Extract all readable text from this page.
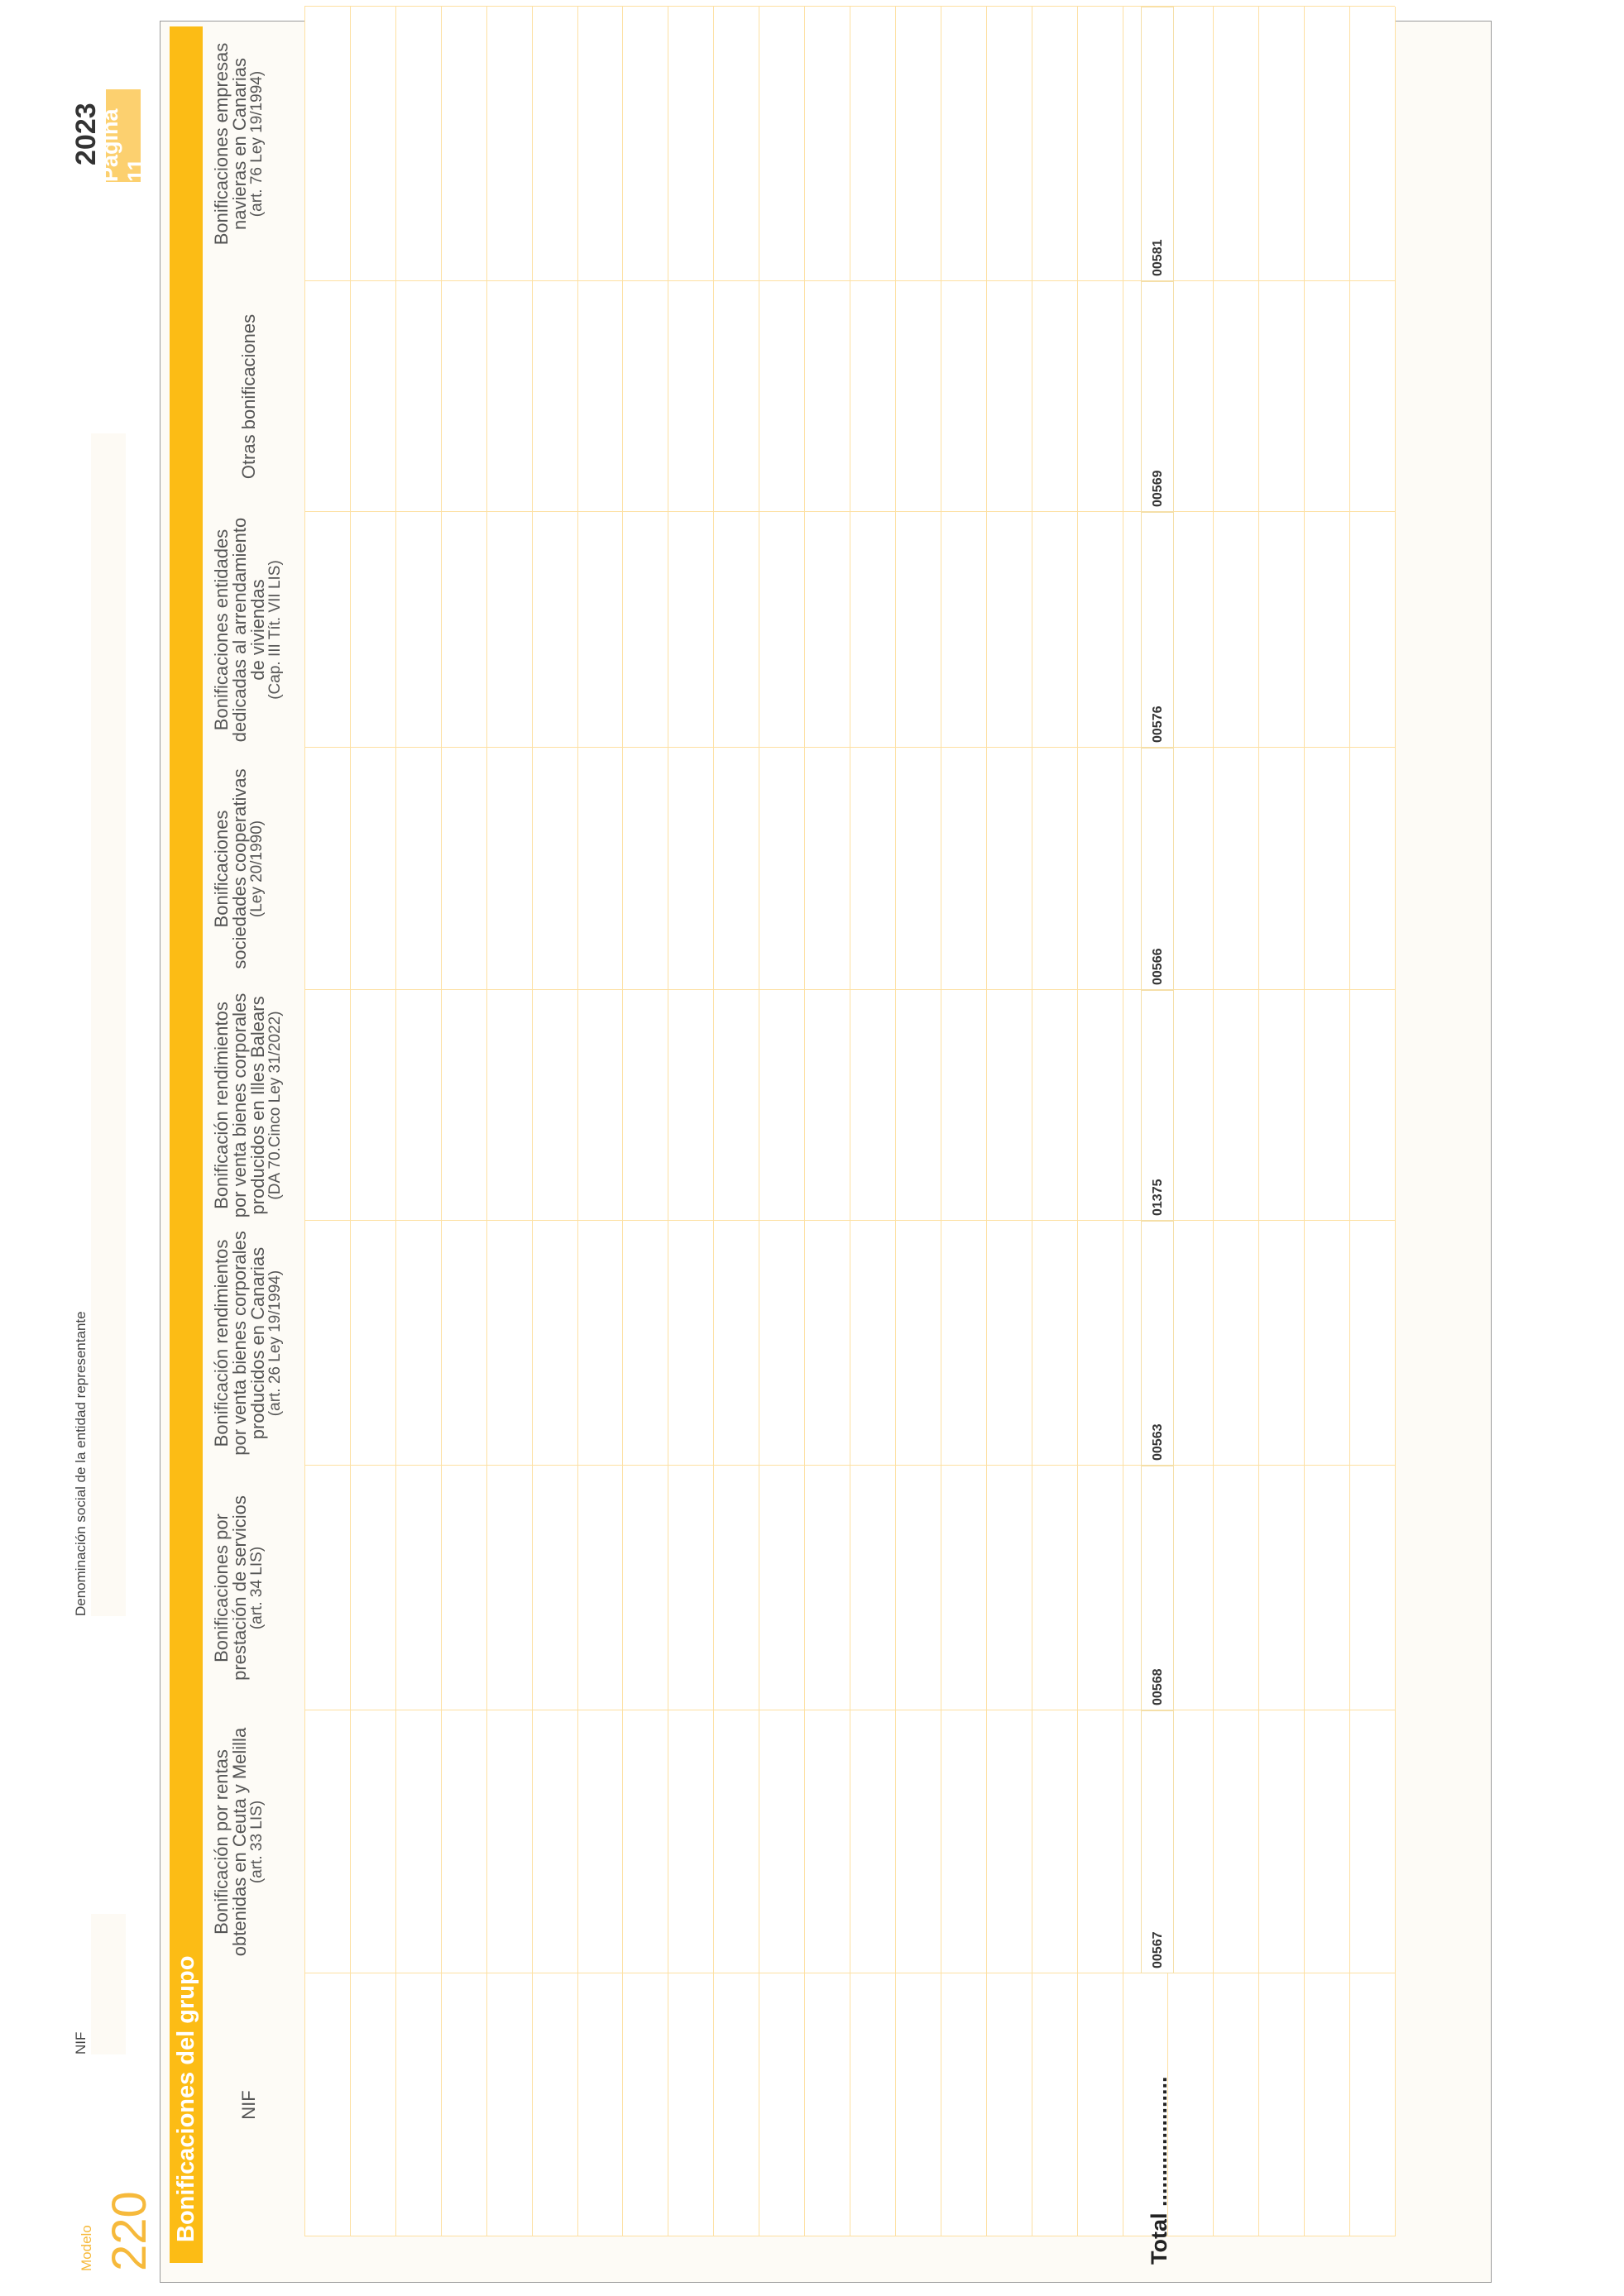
Modelo 220
NIF
Denominación social de la entidad representante
2023
Página 11
Bonificaciones del grupo NIF
Bonificación por rentas
obtenidas en Ceuta y Melilla
(art. 33 LIS)
Bonificaciones por
prestación de servicios
(art. 34 LIS)
Bonificación rendimientos
por venta bienes corporales
producidos en Canarias
(art. 26 Ley 19/1994)
Bonificación rendimientos
por venta bienes corporales
producidos en Illes Balears
(DA 70.Cinco Ley 31/2022)
Bonificaciones
sociedades cooperativas
(Ley 20/1990)
Bonificaciones entidades
dedicadas al arrendamiento
de viviendas
(Cap. III Tít. VII LIS)
Otras bonificaciones
Bonificaciones empresas
navieras en Canarias
(art. 76 Ley 19/1994)
Total .....................
00567
00568
00563
01375
00566
00576
00569
00581
